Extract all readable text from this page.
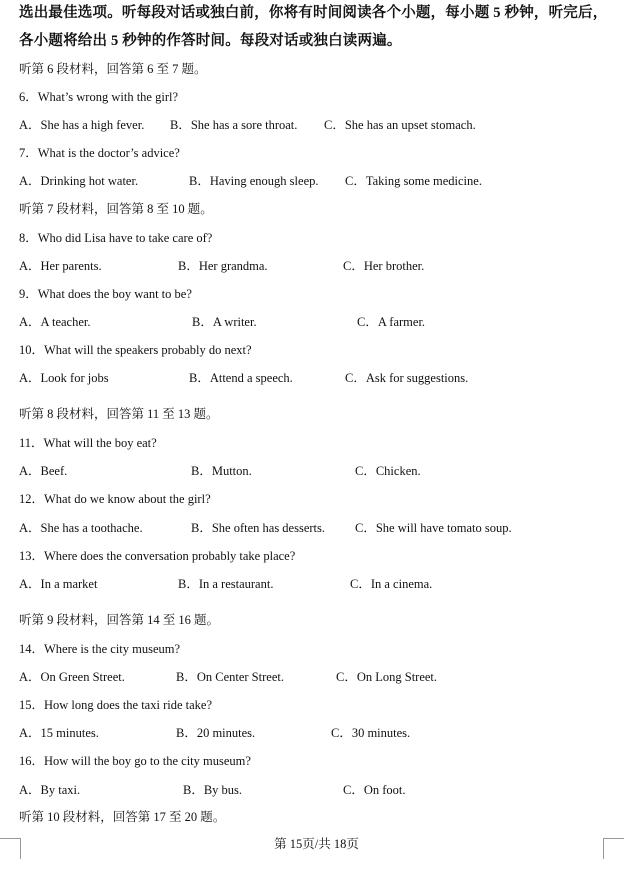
选出最佳选项。听每段对话或独白前，你将有时间阅读各个小题，每小题 5 秒钟，听完后，
各小题将给出 5 秒钟的作答时间。每段对话或独白读两遍。
听第 6 段材料，回答第 6 至 7 题。
6．What’s wrong with the girl?
A．She has a high fever. B．She has a sore throat. C．She has an upset stomach.
7．What is the doctor’s advice?
A．Drinking hot water.	B．Having enough sleep. C．Taking some medicine.
听第 7 段材料，回答第 8 至 10 题。
8．Who did Lisa have to take care of?
A．Her parents.	B．Her grandma.	C．Her brother.
9．What does the boy want to be?
A．A teacher.	B．A writer.	C．A farmer.
10．What will the speakers probably do next?
A．Look for jobs	B．Attend a speech.	C．Ask for suggestions.
听第 8 段材料，回答第 11 至 13 题。
11．What will the boy eat?
A．Beef.	B．Mutton.	C．Chicken.
12．What do we know about the girl?
A．She has a toothache.	B．She often has desserts. C．She will have tomato soup.
13．Where does the conversation probably take place?
A．In a market	B．In a restaurant.	C．In a cinema.
听第 9 段材料，回答第 14 至 16 题。
14．Where is the city museum?
A．On Green Street.	B．On Center Street.	C．On Long Street.
15．How long does the taxi ride take?
A．15 minutes.	B．20 minutes.	C．30 minutes.
16．How will the boy go to the city museum?
A．By taxi.	B．By bus.	C．On foot.
听第 10 段材料，回答第 17 至 20 题。
第 15页/共 18页
